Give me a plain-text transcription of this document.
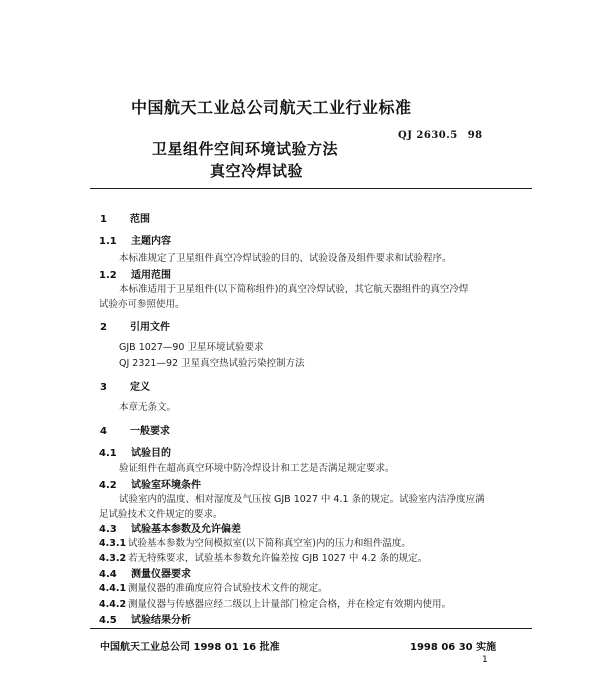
中国航天工业总公司航天工业行业标准
QJ 2630.5 98
卫星组件空间环境试验方法
真空冷焊试验
1 范围
1.1 主题内容
本标准规定了卫星组件真空冷焊试验的目的、试验设备及组件要求和试验程序。
1.2 适用范围
本标准适用于卫星组件(以下简称组件)的真空冷焊试验，其它航天器组件的真空冷焊
试验亦可参照使用。
2 引用文件
GJB 1027—90 卫星环境试验要求
QJ 2321—92 卫星真空热试验污染控制方法
3 定义
本章无条文。
4 一般要求
4.1 试验目的
验证组件在超高真空环境中防冷焊设计和工艺是否满足规定要求。
4.2 试验室环境条件
试验室内的温度、相对湿度及气压按 GJB 1027 中 4.1 条的规定。试验室内洁净度应满
足试验技术文件规定的要求。
4.3 试验基本参数及允许偏差
4.3.1 试验基本参数为空间模拟室(以下简称真空室)内的压力和组件温度。
4.3.2 若无特殊要求，试验基本参数允许偏差按 GJB 1027 中 4.2 条的规定。
4.4 测量仪器要求
4.4.1 测量仪器的准确度应符合试验技术文件的规定。
4.4.2 测量仪器与传感器应经二级以上计量部门检定合格，并在检定有效期内使用。
4.5 试验结果分析
中国航天工业总公司 1998 01 16 批准	1998 06 30 实施
1
